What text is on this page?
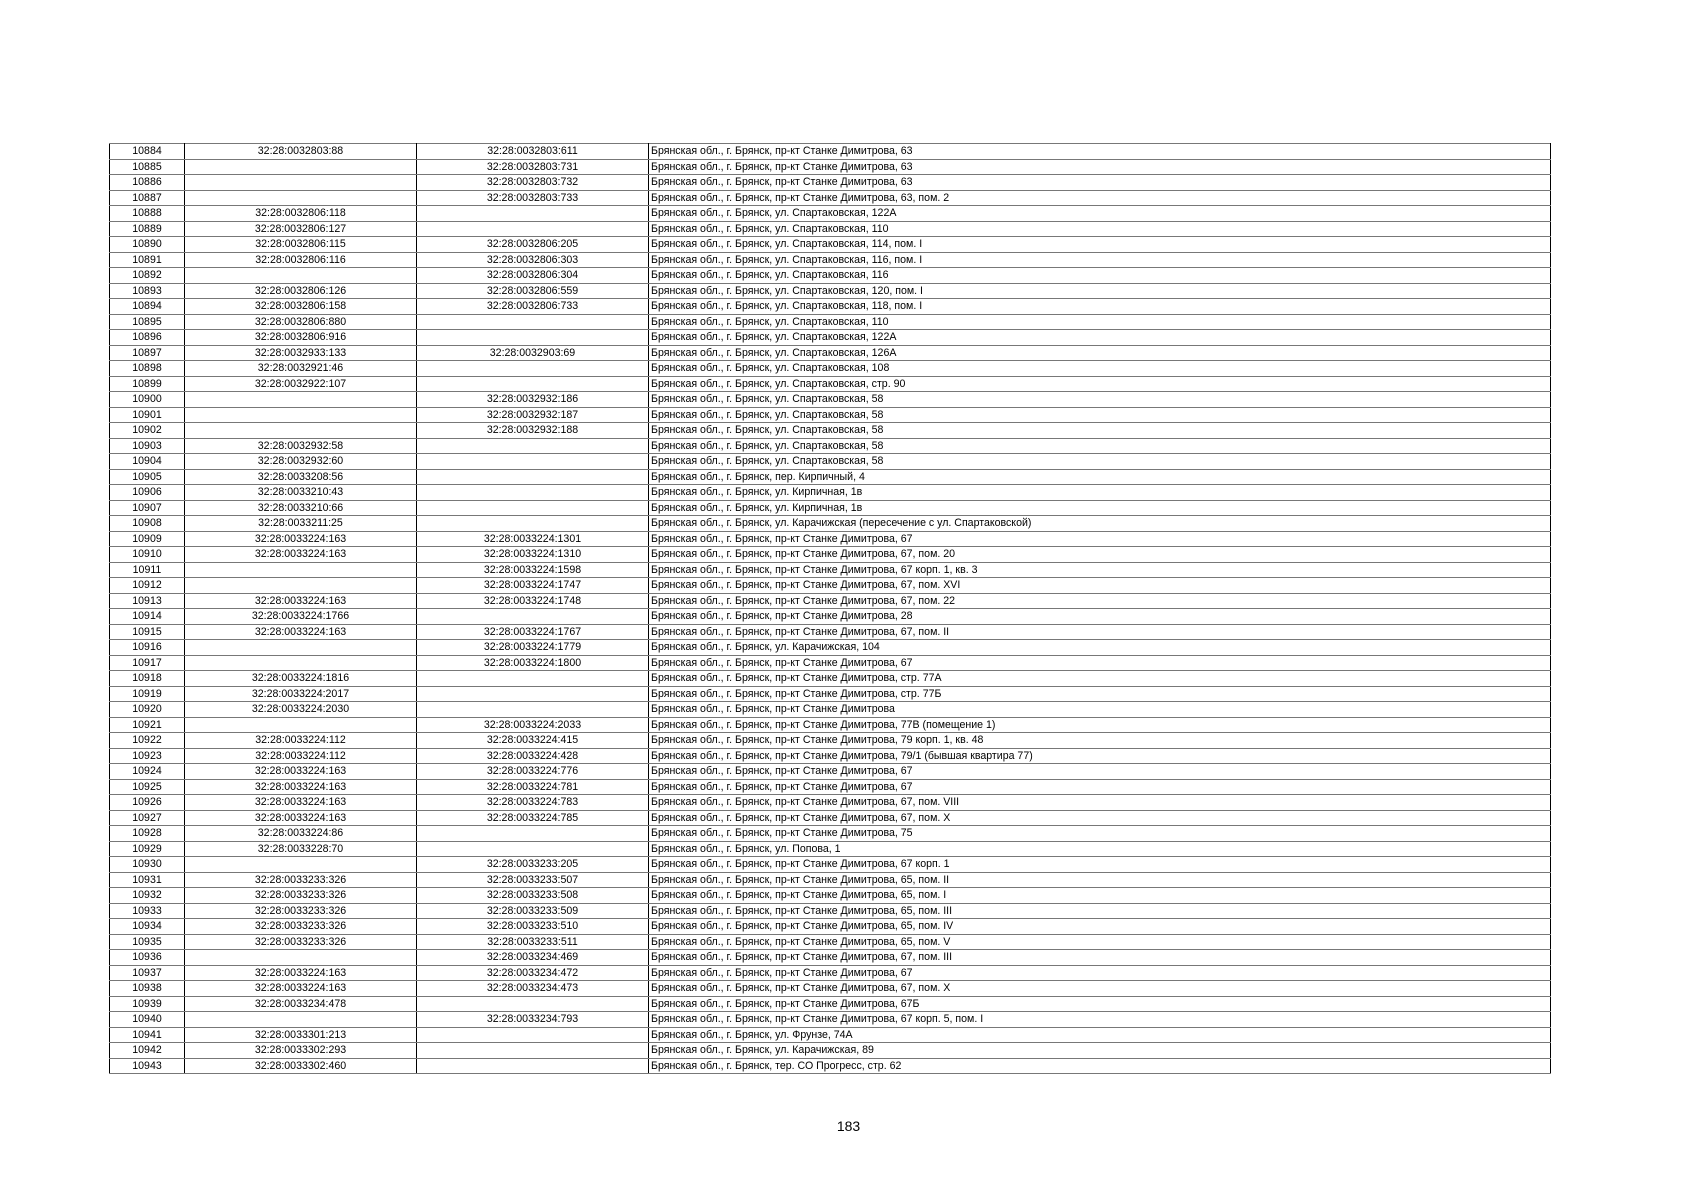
10884	32:28:0032803:88	32:28:0032803:611	Брянская обл., г. Брянск, пр-кт Станке Димитрова, 63
10885		32:28:0032803:731	Брянская обл., г. Брянск, пр-кт Станке Димитрова, 63
10886		32:28:0032803:732	Брянская обл., г. Брянск, пр-кт Станке Димитрова, 63
10887		32:28:0032803:733	Брянская обл., г. Брянск, пр-кт Станке Димитрова, 63, пом. 2
10888	32:28:0032806:118		Брянская обл., г. Брянск, ул. Спартаковская, 122А
10889	32:28:0032806:127		Брянская обл., г. Брянск, ул. Спартаковская, 110
10890	32:28:0032806:115	32:28:0032806:205	Брянская обл., г. Брянск, ул. Спартаковская, 114, пом. I
10891	32:28:0032806:116	32:28:0032806:303	Брянская обл., г. Брянск, ул. Спартаковская, 116, пом. I
10892		32:28:0032806:304	Брянская обл., г. Брянск, ул. Спартаковская, 116
10893	32:28:0032806:126	32:28:0032806:559	Брянская обл., г. Брянск, ул. Спартаковская, 120, пом. I
10894	32:28:0032806:158	32:28:0032806:733	Брянская обл., г. Брянск, ул. Спартаковская, 118, пом. I
10895	32:28:0032806:880		Брянская обл., г. Брянск, ул. Спартаковская, 110
10896	32:28:0032806:916		Брянская обл., г. Брянск, ул. Спартаковская, 122А
10897	32:28:0032933:133	32:28:0032903:69	Брянская обл., г. Брянск, ул. Спартаковская, 126А
10898	32:28:0032921:46		Брянская обл., г. Брянск, ул. Спартаковская, 108
10899	32:28:0032922:107		Брянская обл., г. Брянск, ул. Спартаковская, стр. 90
10900		32:28:0032932:186	Брянская обл., г. Брянск, ул. Спартаковская, 58
10901		32:28:0032932:187	Брянская обл., г. Брянск, ул. Спартаковская, 58
10902		32:28:0032932:188	Брянская обл., г. Брянск, ул. Спартаковская, 58
10903	32:28:0032932:58		Брянская обл., г. Брянск, ул. Спартаковская, 58
10904	32:28:0032932:60		Брянская обл., г. Брянск, ул. Спартаковская, 58
10905	32:28:0033208:56		Брянская обл., г. Брянск, пер. Кирпичный, 4
10906	32:28:0033210:43		Брянская обл., г. Брянск, ул. Кирпичная, 1в
10907	32:28:0033210:66		Брянская обл., г. Брянск, ул. Кирпичная, 1в
10908	32:28:0033211:25		Брянская обл., г. Брянск, ул. Карачижская (пересечение с ул. Спартаковской)
10909	32:28:0033224:163	32:28:0033224:1301	Брянская обл., г. Брянск, пр-кт Станке Димитрова, 67
10910	32:28:0033224:163	32:28:0033224:1310	Брянская обл., г. Брянск, пр-кт Станке Димитрова, 67, пом. 20
10911		32:28:0033224:1598	Брянская обл., г. Брянск, пр-кт Станке Димитрова, 67 корп. 1, кв. 3
10912		32:28:0033224:1747	Брянская обл., г. Брянск, пр-кт Станке Димитрова, 67, пом. XVI
10913	32:28:0033224:163	32:28:0033224:1748	Брянская обл., г. Брянск, пр-кт Станке Димитрова, 67, пом. 22
10914	32:28:0033224:1766		Брянская обл., г. Брянск, пр-кт Станке Димитрова, 28
10915	32:28:0033224:163	32:28:0033224:1767	Брянская обл., г. Брянск, пр-кт Станке Димитрова, 67, пом. II
10916		32:28:0033224:1779	Брянская обл., г. Брянск, ул. Карачижская, 104
10917		32:28:0033224:1800	Брянская обл., г. Брянск, пр-кт Станке Димитрова, 67
10918	32:28:0033224:1816		Брянская обл., г. Брянск, пр-кт Станке Димитрова, стр. 77А
10919	32:28:0033224:2017		Брянская обл., г. Брянск, пр-кт Станке Димитрова, стр. 77Б
10920	32:28:0033224:2030		Брянская обл., г. Брянск, пр-кт Станке Димитрова
10921		32:28:0033224:2033	Брянская обл., г. Брянск, пр-кт Станке Димитрова, 77В (помещение 1)
10922	32:28:0033224:112	32:28:0033224:415	Брянская обл., г. Брянск, пр-кт Станке Димитрова, 79 корп. 1, кв. 48
10923	32:28:0033224:112	32:28:0033224:428	Брянская обл., г. Брянск, пр-кт Станке Димитрова, 79/1 (бывшая квартира 77)
10924	32:28:0033224:163	32:28:0033224:776	Брянская обл., г. Брянск, пр-кт Станке Димитрова, 67
10925	32:28:0033224:163	32:28:0033224:781	Брянская обл., г. Брянск, пр-кт Станке Димитрова, 67
10926	32:28:0033224:163	32:28:0033224:783	Брянская обл., г. Брянск, пр-кт Станке Димитрова, 67, пом. VIII
10927	32:28:0033224:163	32:28:0033224:785	Брянская обл., г. Брянск, пр-кт Станке Димитрова, 67, пом. X
10928	32:28:0033224:86		Брянская обл., г. Брянск, пр-кт Станке Димитрова, 75
10929	32:28:0033228:70		Брянская обл., г. Брянск, ул. Попова, 1
10930		32:28:0033233:205	Брянская обл., г. Брянск, пр-кт Станке Димитрова, 67 корп. 1
10931	32:28:0033233:326	32:28:0033233:507	Брянская обл., г. Брянск, пр-кт Станке Димитрова, 65, пом. II
10932	32:28:0033233:326	32:28:0033233:508	Брянская обл., г. Брянск, пр-кт Станке Димитрова, 65, пом. I
10933	32:28:0033233:326	32:28:0033233:509	Брянская обл., г. Брянск, пр-кт Станке Димитрова, 65, пом. III
10934	32:28:0033233:326	32:28:0033233:510	Брянская обл., г. Брянск, пр-кт Станке Димитрова, 65, пом. IV
10935	32:28:0033233:326	32:28:0033233:511	Брянская обл., г. Брянск, пр-кт Станке Димитрова, 65, пом. V
10936		32:28:0033234:469	Брянская обл., г. Брянск, пр-кт Станке Димитрова, 67, пом. III
10937	32:28:0033224:163	32:28:0033234:472	Брянская обл., г. Брянск, пр-кт Станке Димитрова, 67
10938	32:28:0033224:163	32:28:0033234:473	Брянская обл., г. Брянск, пр-кт Станке Димитрова, 67, пом. X
10939	32:28:0033234:478		Брянская обл., г. Брянск, пр-кт Станке Димитрова, 67Б
10940		32:28:0033234:793	Брянская обл., г. Брянск, пр-кт Станке Димитрова, 67 корп. 5, пом. I
10941	32:28:0033301:213		Брянская обл., г. Брянск, ул. Фрунзе, 74А
10942	32:28:0033302:293		Брянская обл., г. Брянск, ул. Карачижская, 89
10943	32:28:0033302:460		Брянская обл., г. Брянск, тер. СО Прогресс, стр. 62
183
